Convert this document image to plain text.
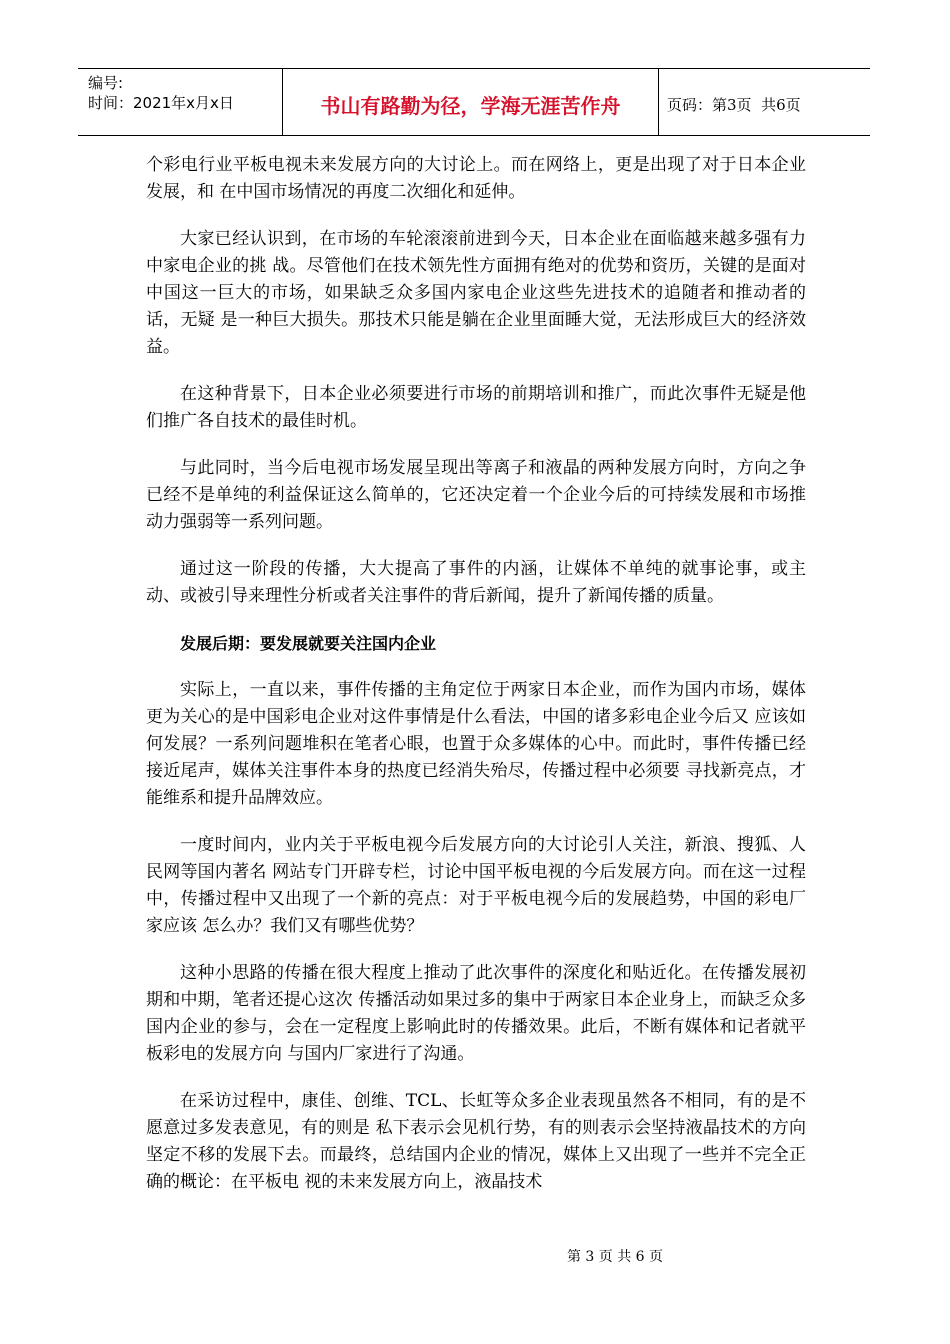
编号:
时间：2021年x月x日	书山有路勤为径，学海无涯苦作舟	页码：第3页  共6页

个彩电行业平板电视未来发展方向的大讨论上。而在网络上，更是出现了对于日本企业发展，和 在中国市场情况的再度二次细化和延伸。

大家已经认识到，在市场的车轮滚滚前进到今天，日本企业在面临越来越多强有力中家电企业的挑 战。尽管他们在技术领先性方面拥有绝对的优势和资历，关键的是面对中国这一巨大的市场，如果缺乏众多国内家电企业这些先进技术的追随者和推动者的话，无疑 是一种巨大损失。那技术只能是躺在企业里面睡大觉，无法形成巨大的经济效益。

在这种背景下，日本企业必须要进行市场的前期培训和推广，而此次事件无疑是他们推广各自技术的最佳时机。

与此同时，当今后电视市场发展呈现出等离子和液晶的两种发展方向时，方向之争已经不是单纯的利益保证这么简单的，它还决定着一个企业今后的可持续发展和市场推动力强弱等一系列问题。

通过这一阶段的传播，大大提高了事件的内涵，让媒体不单纯的就事论事，或主动、或被引导来理性分析或者关注事件的背后新闻，提升了新闻传播的质量。

发展后期：要发展就要关注国内企业

实际上，一直以来，事件传播的主角定位于两家日本企业，而作为国内市场，媒体更为关心的是中国彩电企业对这件事情是什么看法，中国的诸多彩电企业今后又 应该如何发展？一系列问题堆积在笔者心眼，也置于众多媒体的心中。而此时，事件传播已经接近尾声，媒体关注事件本身的热度已经消失殆尽，传播过程中必须要 寻找新亮点，才能维系和提升品牌效应。

一度时间内，业内关于平板电视今后发展方向的大讨论引人关注，新浪、搜狐、人民网等国内著名 网站专门开辟专栏，讨论中国平板电视的今后发展方向。而在这一过程中，传播过程中又出现了一个新的亮点：对于平板电视今后的发展趋势，中国的彩电厂家应该 怎么办？我们又有哪些优势？

这种小思路的传播在很大程度上推动了此次事件的深度化和贴近化。在传播发展初期和中期，笔者还提心这次 传播活动如果过多的集中于两家日本企业身上，而缺乏众多国内企业的参与，会在一定程度上影响此时的传播效果。此后，不断有媒体和记者就平板彩电的发展方向 与国内厂家进行了沟通。

在采访过程中，康佳、创维、TCL、长虹等众多企业表现虽然各不相同，有的是不愿意过多发表意见，有的则是 私下表示会见机行势，有的则表示会坚持液晶技术的方向坚定不移的发展下去。而最终，总结国内企业的情况，媒体上又出现了一些并不完全正确的概论：在平板电 视的未来发展方向上，液晶技术

第 3 页 共 6 页
